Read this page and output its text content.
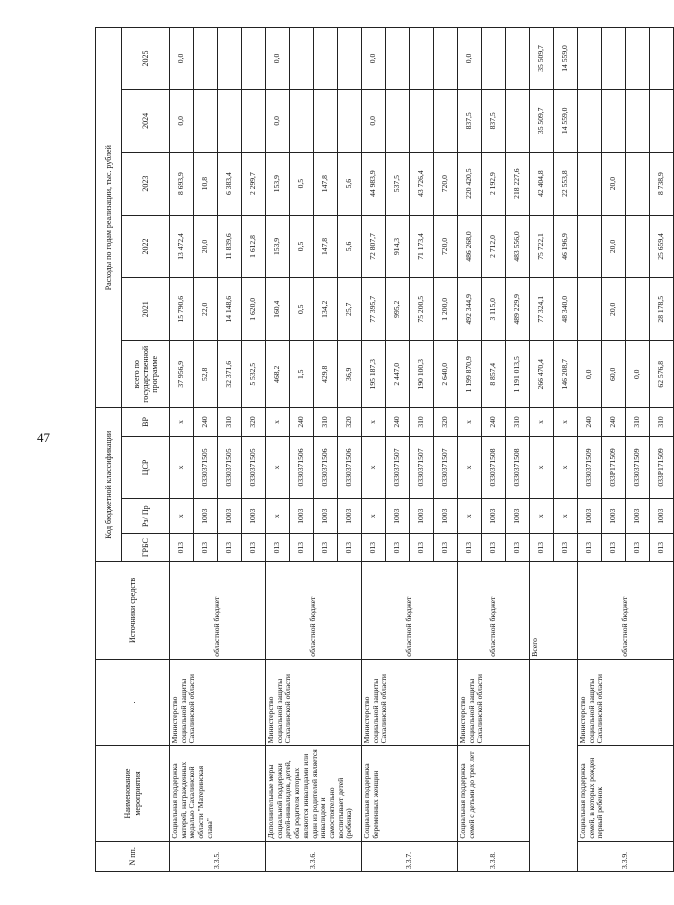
47
N пп.	Наименование мероприятия	.	Источники средств	Код бюджетной классификации				Расходы по годам реализации, тыс. рублей					
				ГРБС	Рз/ Пр	ЦСР	ВР	всего по государственной программе	2021	2022	2023	2024	2025
3.3.5.	Социальная поддержка матерей, награжденных медалью Сахалинской области "Материнская слава"	Министерство социальной защиты Сахалинской области	областной бюджет	013	х	х	х	37 956,9	15 790,6	13 472,4	8 693,9	0,0	0,0
				013	1003	0330371505	240	52,8	22,0	20,0	10,8		
				013	1003	0330371505	310	32 371,6	14 148,6	11 839,6	6 383,4		
				013	1003	0330371505	320	5 532,5	1 620,0	1 612,8	2 299,7		
3.3.6.	Дополнительные меры социальной поддержки детей-инвалидов, детей, оба родителя которых являются инвалидами или один из родителей является инвалидом и самостоятельно воспитывает детей (ребенка)	Министерство социальной защиты Сахалинской области	областной бюджет	013	х	х	х	468,2	160,4	153,9	153,9	0,0	0,0
				013	1003	0330371506	240	1,5	0,5	0,5	0,5		
				013	1003	0330371506	310	429,8	134,2	147,8	147,8		
				013	1003	0330371506	320	36,9	25,7	5,6	5,6		
3.3.7.	Социальная поддержка беременных женщин	Министерство социальной защиты Сахалинской области	областной бюджет	013	х	х	х	195 187,3	77 395,7	72 807,7	44 983,9	0,0	0,0
				013	1003	0330371507	240	2 447,0	995,2	914,3	537,5		
				013	1003	0330371507	310	190 100,3	75 200,5	71 173,4	43 726,4		
				013	1003	0330371507	320	2 640,0	1 200,0	720,0	720,0		
3.3.8.	Социальная поддержка семей с детьми до трех лет	Министерство социальной защиты Сахалинской области	областной бюджет	013	х	х	х	1 199 870,9	492 344,9	486 268,0	220 420,5	837,5	0,0
				013	1003	0330371508	240	8 857,4	3 115,0	2 712,0	2 192,9	837,5	
				013	1003	0330371508	310	1 191 013,5	489 229,9	483 556,0	218 227,6		
			Всего	013	х	х	х	266 470,4	77 324,1	75 722,1	42 404,8	35 509,7	35 509,7
				013	х	х	х	146 208,7	48 340,0	46 196,9	22 553,8	14 559,0	14 559,0
3.3.9.	Социальная поддержка семей, в которых рожден первый ребенок	Министерство социальной защиты Сахалинской области	областной бюджет	013	1003	0330371509	240	0,0					
				013	1003	033P171509	240	60,0	20,0	20,0	20,0		
				013	1003	0330371509	310	0,0					
				013	1003	033P171509	310	62 576,8	28 178,5	25 659,4	8 738,9		
